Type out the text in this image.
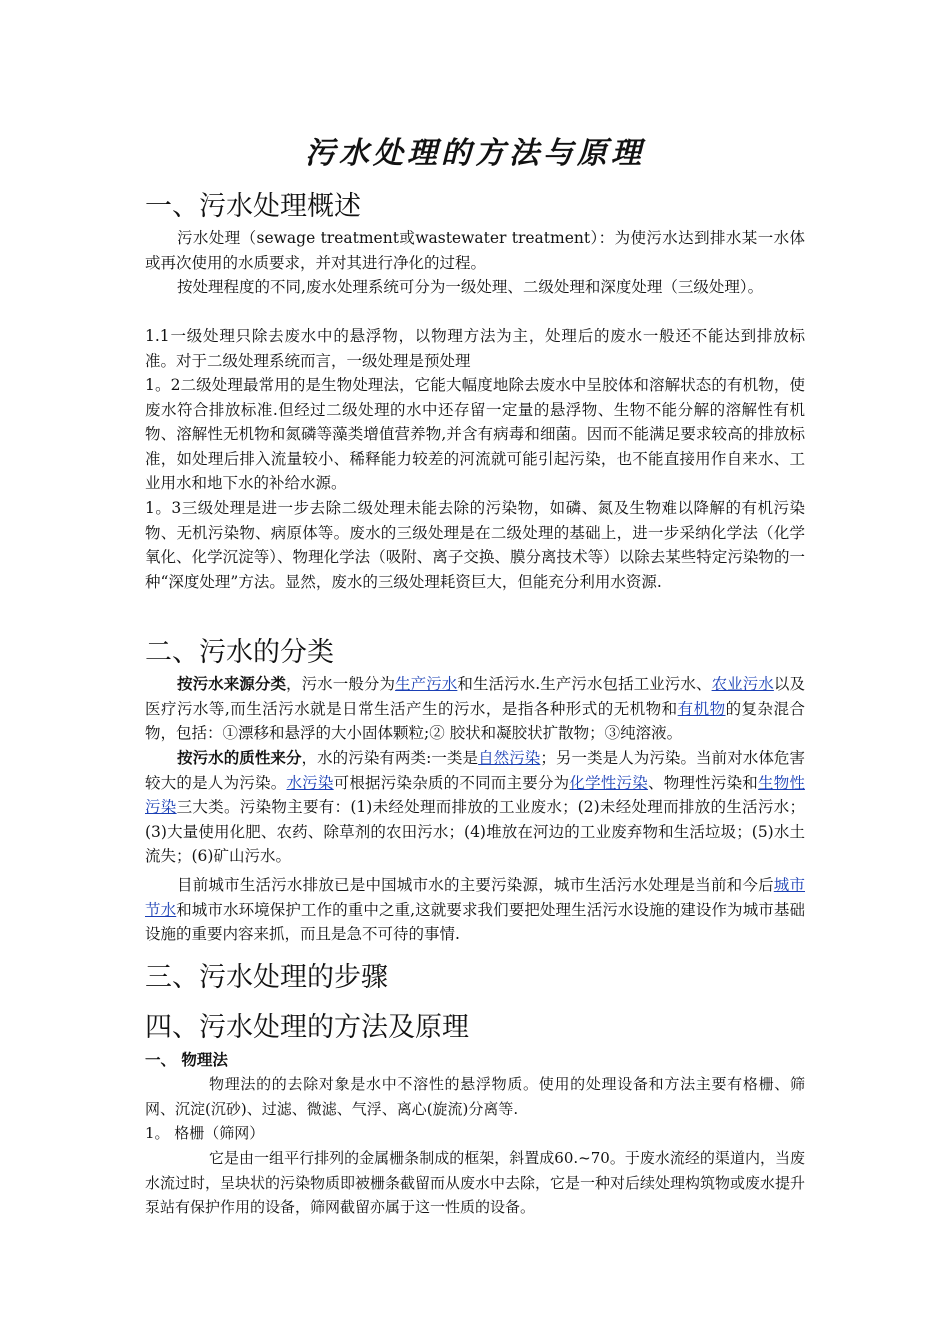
污水处理的方法与原理
一、污水处理概述
污水处理（sewage treatment或wastewater treatment）：为使污水达到排水某一水体或再次使用的水质要求，并对其进行净化的过程。
按处理程度的不同,废水处理系统可分为一级处理、二级处理和深度处理（三级处理）。
1.1一级处理只除去废水中的悬浮物，以物理方法为主，处理后的废水一般还不能达到排放标准。对于二级处理系统而言，一级处理是预处理
1。2二级处理最常用的是生物处理法，它能大幅度地除去废水中呈胶体和溶解状态的有机物，使废水符合排放标准.但经过二级处理的水中还存留一定量的悬浮物、生物不能分解的溶解性有机物、溶解性无机物和氮磷等藻类增值营养物,并含有病毒和细菌。因而不能满足要求较高的排放标准，如处理后排入流量较小、稀释能力较差的河流就可能引起污染，也不能直接用作自来水、工业用水和地下水的补给水源。
1。3三级处理是进一步去除二级处理未能去除的污染物，如磷、氮及生物难以降解的有机污染物、无机污染物、病原体等。废水的三级处理是在二级处理的基础上，进一步采纳化学法（化学氧化、化学沉淀等）、物理化学法（吸附、离子交换、膜分离技术等）以除去某些特定污染物的一种“深度处理”方法。显然，废水的三级处理耗资巨大，但能充分利用水资源.
二、污水的分类
按污水来源分类，污水一般分为生产污水和生活污水.生产污水包括工业污水、农业污水以及医疗污水等,而生活污水就是日常生活产生的污水，是指各种形式的无机物和有机物的复杂混合物，包括：①漂移和悬浮的大小固体颗粒;② 胶状和凝胶状扩散物；③纯溶液。
按污水的质性来分，水的污染有两类:一类是自然污染；另一类是人为污染。当前对水体危害较大的是人为污染。水污染可根据污染杂质的不同而主要分为化学性污染、物理性污染和生物性污染三大类。污染物主要有：(1)未经处理而排放的工业废水；(2)未经处理而排放的生活污水；(3)大量使用化肥、农药、除草剂的农田污水；(4)堆放在河边的工业废弃物和生活垃圾；(5)水土流失；(6)矿山污水。
目前城市生活污水排放已是中国城市水的主要污染源，城市生活污水处理是当前和今后城市节水和城市水环境保护工作的重中之重,这就要求我们要把处理生活污水设施的建设作为城市基础设施的重要内容来抓，而且是急不可待的事情.
三、污水处理的步骤
四、污水处理的方法及原理
一、 物理法
物理法的的去除对象是水中不溶性的悬浮物质。使用的处理设备和方法主要有格栅、筛网、沉淀(沉砂)、过滤、微滤、气浮、离心(旋流)分离等.
1。 格栅（筛网）
它是由一组平行排列的金属栅条制成的框架，斜置成60.~70。于废水流经的渠道内，当废水流过时，呈块状的污染物质即被栅条截留而从废水中去除，它是一种对后续处理构筑物或废水提升泵站有保护作用的设备，筛网截留亦属于这一性质的设备。
